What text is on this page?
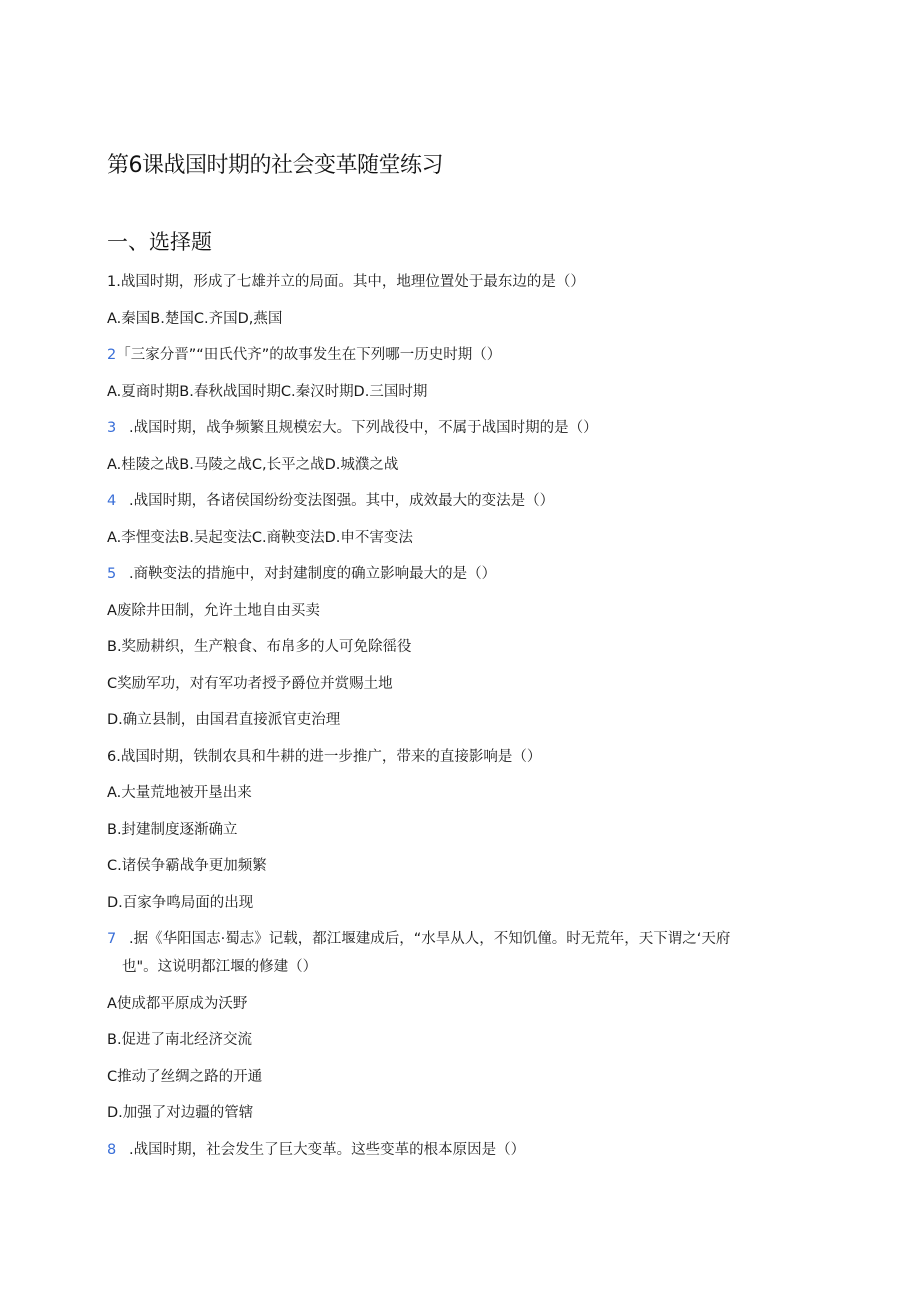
第6课战国时期的社会变革随堂练习
一、选择题
1.战国时期，形成了七雄并立的局面。其中，地理位置处于最东边的是（）
A.秦国B.楚国C.齐国D,燕国
2「三家分晋”“田氏代齐”的故事发生在下列哪一历史时期（）
A.夏商时期B.春秋战国时期C.秦汉时期D.三国时期
3 .战国时期，战争频繁且规模宏大。下列战役中，不属于战国时期的是（）
A.桂陵之战B.马陵之战C,长平之战D.城濮之战
4 .战国时期，各诸侯国纷纷变法图强。其中，成效最大的变法是（）
A.李悝变法B.吴起变法C.商鞅变法D.申不害变法
5 .商鞅变法的措施中，对封建制度的确立影响最大的是（）
A废除井田制，允许土地自由买卖
B.奖励耕织，生产粮食、布帛多的人可免除徭役
C奖励军功，对有军功者授予爵位并赏赐土地
D.确立县制，由国君直接派官吏治理
6.战国时期，铁制农具和牛耕的进一步推广，带来的直接影响是（）
A.大量荒地被开垦出来
B.封建制度逐渐确立
C.诸侯争霸战争更加频繁
D.百家争鸣局面的出现
7 .据《华阳国志·蜀志》记载，都江堰建成后，“水旱从人，不知饥僮。时无荒年，天下谓之‘天府
也"。这说明都江堰的修建（）
A使成都平原成为沃野
B.促进了南北经济交流
C推动了丝绸之路的开通
D.加强了对边疆的管辖
8 .战国时期，社会发生了巨大变革。这些变革的根本原因是（）
